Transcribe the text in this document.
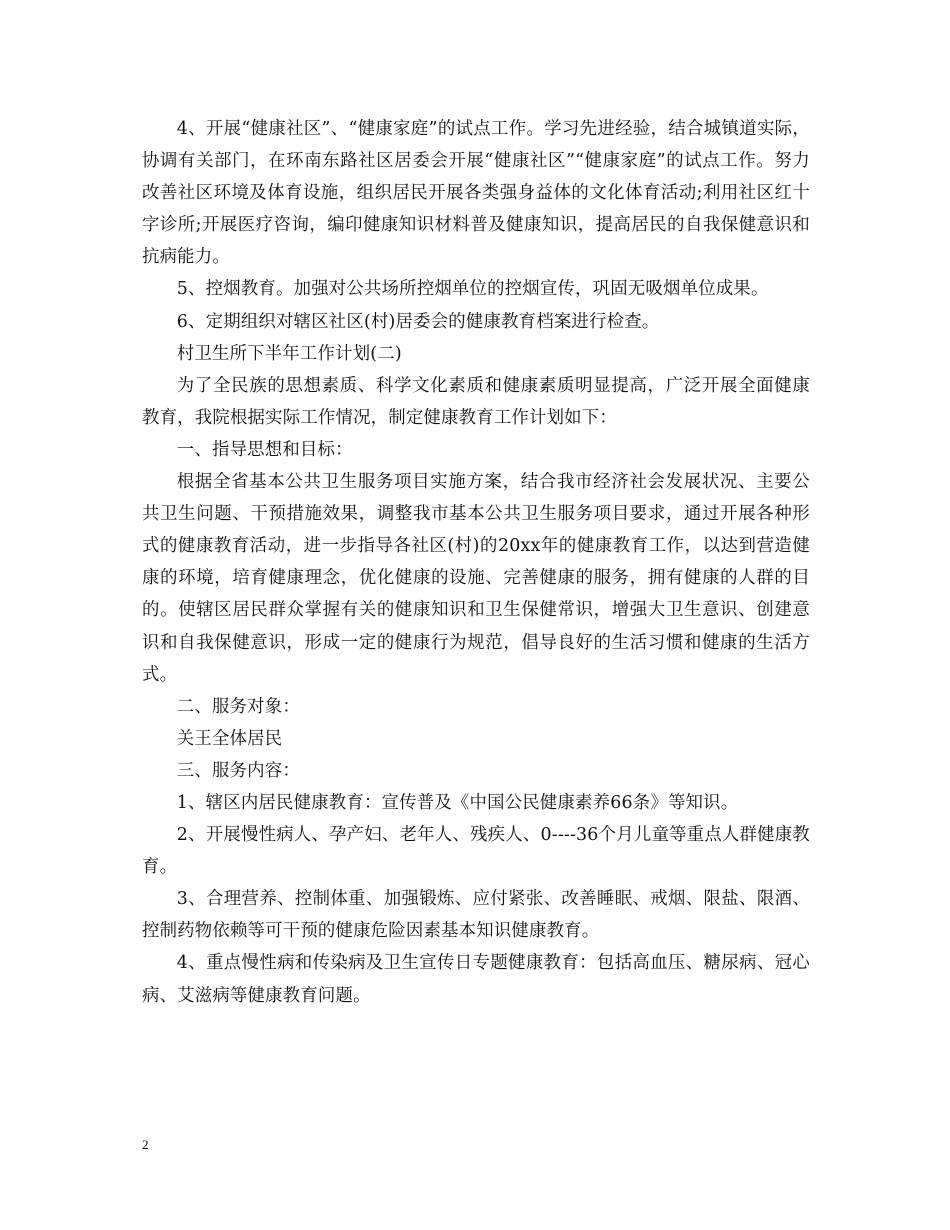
4、开展“健康社区”、“健康家庭”的试点工作。学习先进经验，结合城镇道实际，协调有关部门，在环南东路社区居委会开展“健康社区”“健康家庭”的试点工作。努力改善社区环境及体育设施，组织居民开展各类强身益体的文化体育活动;利用社区红十字诊所;开展医疗咨询，编印健康知识材料普及健康知识，提高居民的自我保健意识和抗病能力。

5、控烟教育。加强对公共场所控烟单位的控烟宣传，巩固无吸烟单位成果。

6、定期组织对辖区社区(村)居委会的健康教育档案进行检查。

村卫生所下半年工作计划(二)

为了全民族的思想素质、科学文化素质和健康素质明显提高，广泛开展全面健康教育，我院根据实际工作情况，制定健康教育工作计划如下：

一、指导思想和目标：

根据全省基本公共卫生服务项目实施方案，结合我市经济社会发展状况、主要公共卫生问题、干预措施效果，调整我市基本公共卫生服务项目要求，通过开展各种形式的健康教育活动，进一步指导各社区(村)的20xx年的健康教育工作，以达到营造健康的环境，培育健康理念，优化健康的设施、完善健康的服务，拥有健康的人群的目的。使辖区居民群众掌握有关的健康知识和卫生保健常识，增强大卫生意识、创建意识和自我保健意识，形成一定的健康行为规范，倡导良好的生活习惯和健康的生活方式。

二、服务对象：

关王全体居民

三、服务内容：

1、辖区内居民健康教育：宣传普及《中国公民健康素养66条》等知识。

2、开展慢性病人、孕产妇、老年人、残疾人、0----36个月儿童等重点人群健康教育。

3、合理营养、控制体重、加强锻炼、应付紧张、改善睡眠、戒烟、限盐、限酒、控制药物依赖等可干预的健康危险因素基本知识健康教育。

4、重点慢性病和传染病及卫生宣传日专题健康教育：包括高血压、糖尿病、冠心病、艾滋病等健康教育问题。

2
